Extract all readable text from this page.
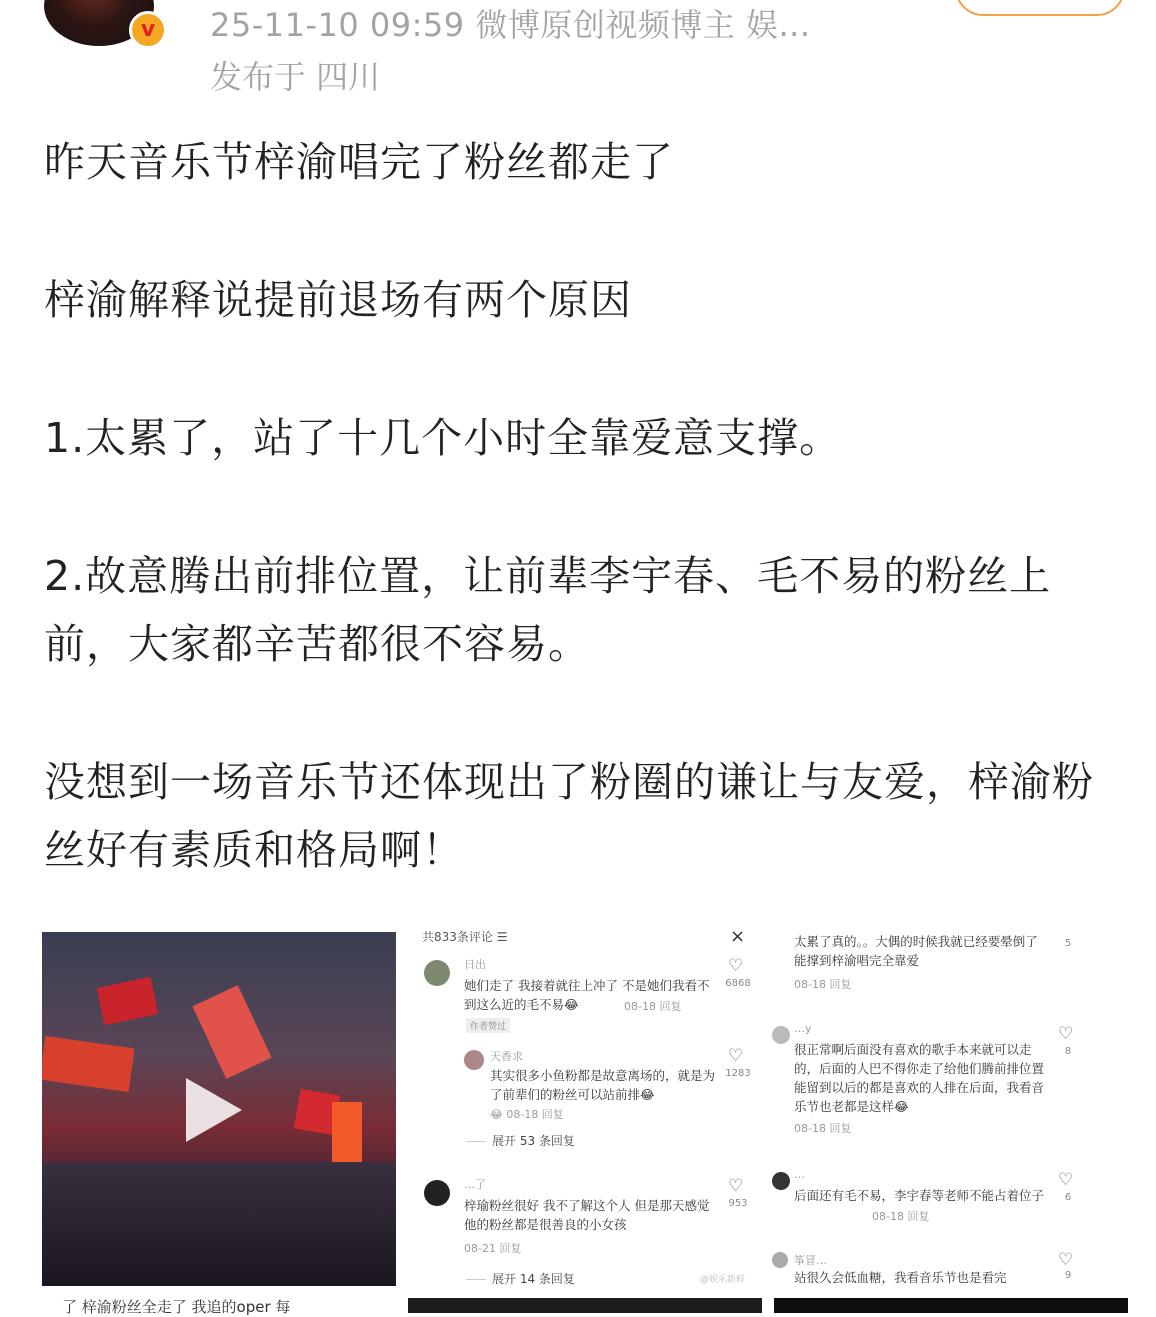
v	25-11-10 09:59 微博原创视频博主 娱...
发布于 四川

昨天音乐节梓渝唱完了粉丝都走了

梓渝解释说提前退场有两个原因

1.太累了，站了十几个小时全靠爱意支撑。

2.故意腾出前排位置，让前辈李宇春、毛不易的粉丝上前，大家都辛苦都很不容易。

没想到一场音乐节还体现出了粉圈的谦让与友爱，梓渝粉丝好有素质和格局啊！

了 梓渝粉丝全走了 我追的oper 每
共833条评论 ☰	×
日出
她们走了 我接着就往上冲了 不是她们我看不到这么近的毛不易😂	08-18 回复
作者赞过
♡
6868
天香求
其实很多小鱼粉都是故意离场的，就是为了前辈们的粉丝可以站前排😂
😂 08-18 回复
♡
1283
展开 53 条回复
…了
梓瑜粉丝很好 我不了解这个人 但是那天感觉他的粉丝都是很善良的小女孩
08-21 回复
♡
953
展开 14 条回复	@娱乐新鲜
太累了真的。。大偶的时候我就已经要晕倒了 能撑到梓渝唱完全靠爱
08-18 回复
5
…y
很正常啊后面没有喜欢的歌手本来就可以走的，后面的人巴不得你走了给他们腾前排位置能留到以后的都是喜欢的人排在后面，我看音乐节也老都是这样😂
08-18 回复
♡
8
…
后面还有毛不易，李宇春等老师不能占着位子
08-18 回复
♡
6
筝冒…
站很久会低血糖，我看音乐节也是看完
♡
9
